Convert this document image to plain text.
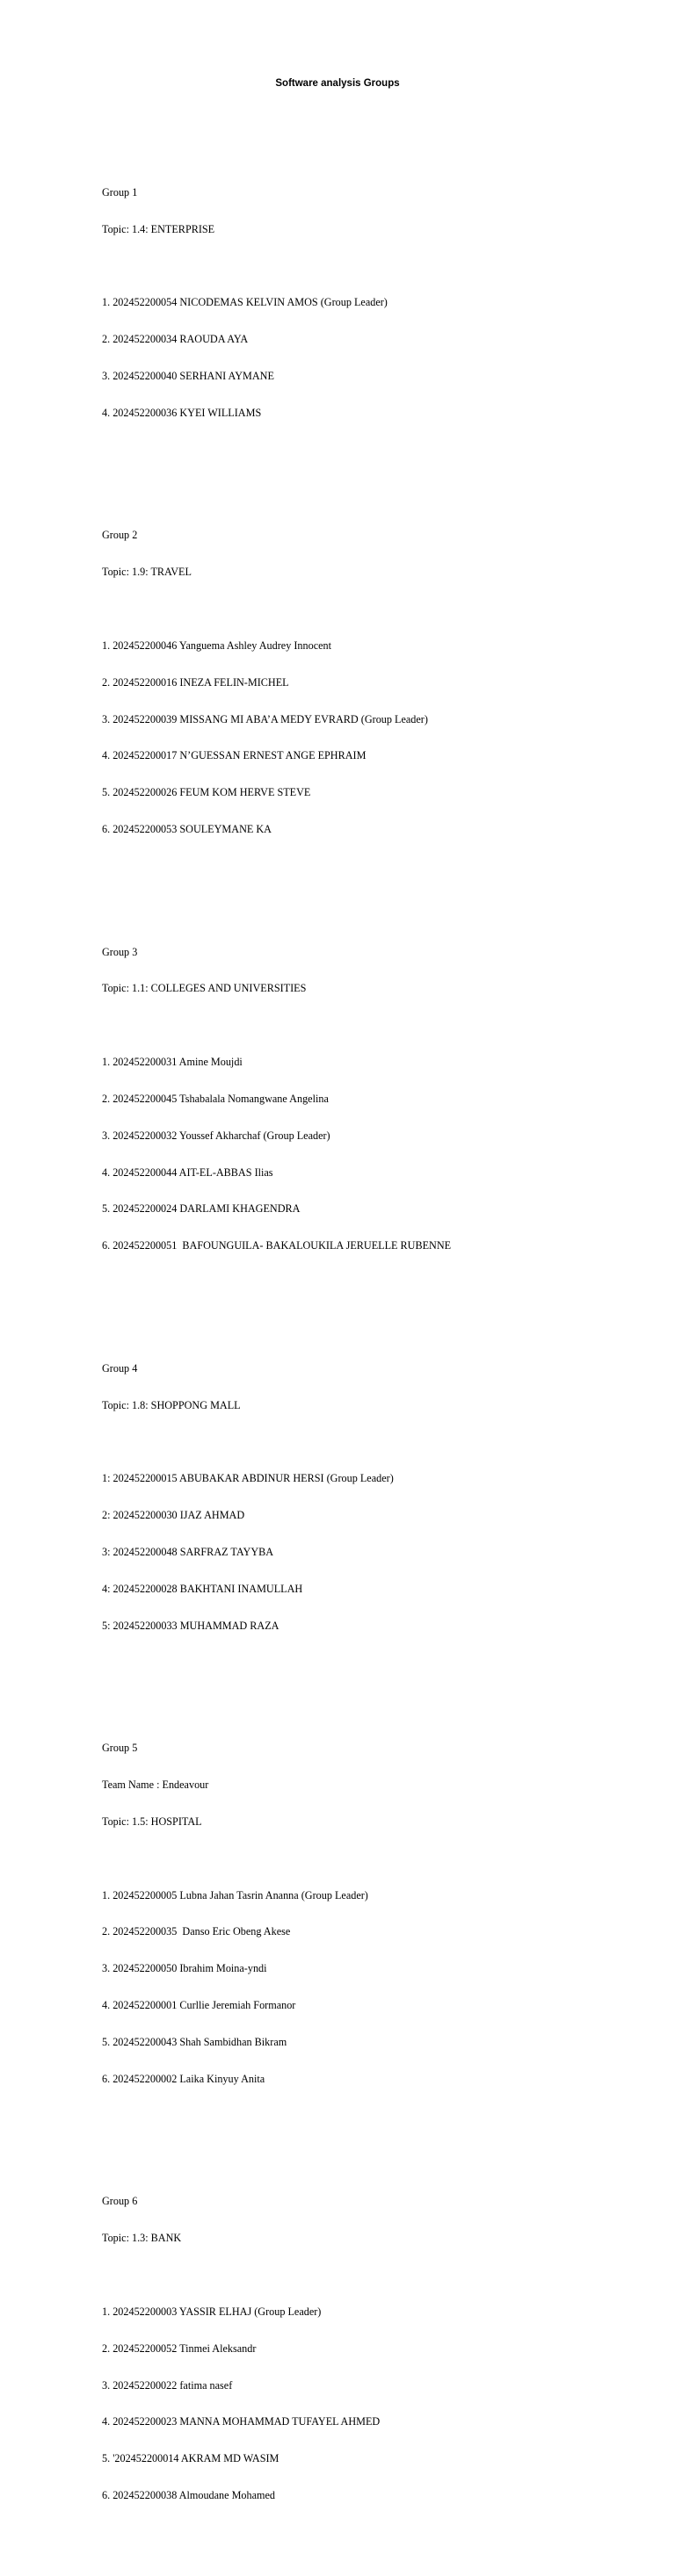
Software analysis Groups

Group 1

Topic: 1.4: ENTERPRISE

1. 202452200054 NICODEMAS KELVIN AMOS (Group Leader)

2. 202452200034 RAOUDA AYA

3. 202452200040 SERHANI AYMANE

4. 202452200036 KYEI WILLIAMS

Group 2

Topic: 1.9: TRAVEL

1. 202452200046 Yanguema Ashley Audrey Innocent

2. 202452200016 INEZA FELIN-MICHEL

3. 202452200039 MISSANG MI ABA’A MEDY EVRARD (Group Leader)

4. 202452200017 N’GUESSAN ERNEST ANGE EPHRAIM

5. 202452200026 FEUM KOM HERVE STEVE

6. 202452200053 SOULEYMANE KA

Group 3

Topic: 1.1: COLLEGES AND UNIVERSITIES

1. 202452200031 Amine Moujdi

2. 202452200045 Tshabalala Nomangwane Angelina

3. 202452200032 Youssef Akharchaf (Group Leader)

4. 202452200044 AIT-EL-ABBAS Ilias

5. 202452200024 DARLAMI KHAGENDRA

6. 202452200051  BAFOUNGUILA- BAKALOUKILA JERUELLE RUBENNE

Group 4

Topic: 1.8: SHOPPONG MALL

1: 202452200015 ABUBAKAR ABDINUR HERSI (Group Leader)

2: 202452200030 IJAZ AHMAD

3: 202452200048 SARFRAZ TAYYBA

4: 202452200028 BAKHTANI INAMULLAH

5: 202452200033 MUHAMMAD RAZA

Group 5

Team Name : Endeavour

Topic: 1.5: HOSPITAL

1. 202452200005 Lubna Jahan Tasrin Ananna (Group Leader)

2. 202452200035  Danso Eric Obeng Akese

3. 202452200050 Ibrahim Moina-yndi

4. 202452200001 Curllie Jeremiah Formanor

5. 202452200043 Shah Sambidhan Bikram

6. 202452200002 Laika Kinyuy Anita

Group 6

Topic: 1.3: BANK

1. 202452200003 YASSIR ELHAJ (Group Leader)

2. 202452200052 Tinmei Aleksandr

3. 202452200022 fatima nasef

4. 202452200023 MANNA MOHAMMAD TUFAYEL AHMED

5. '202452200014 AKRAM MD WASIM

6. 202452200038 Almoudane Mohamed
